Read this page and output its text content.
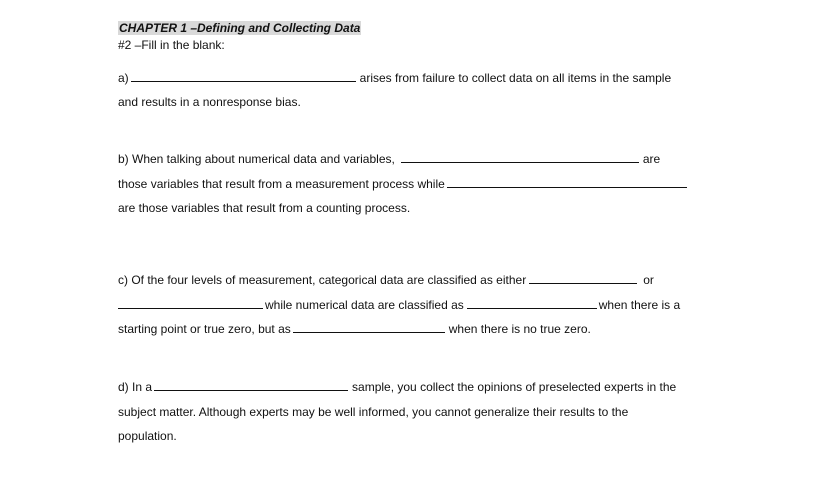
CHAPTER 1 –Defining and Collecting Data
#2 –Fill in the blank:
a)	arises from failure to collect data on all items in the sample
and results in a nonresponse bias.
b) When talking about numerical data and variables,	are
those variables that result from a measurement process while
are those variables that result from a counting process.
c) Of the four levels of measurement, categorical data are classified as either	or
while numerical data are classified as	when there is a
starting point or true zero, but as	when there is no true zero.
d) In a	sample, you collect the opinions of preselected experts in the
subject matter. Although experts may be well informed, you cannot generalize their results to the
population.
